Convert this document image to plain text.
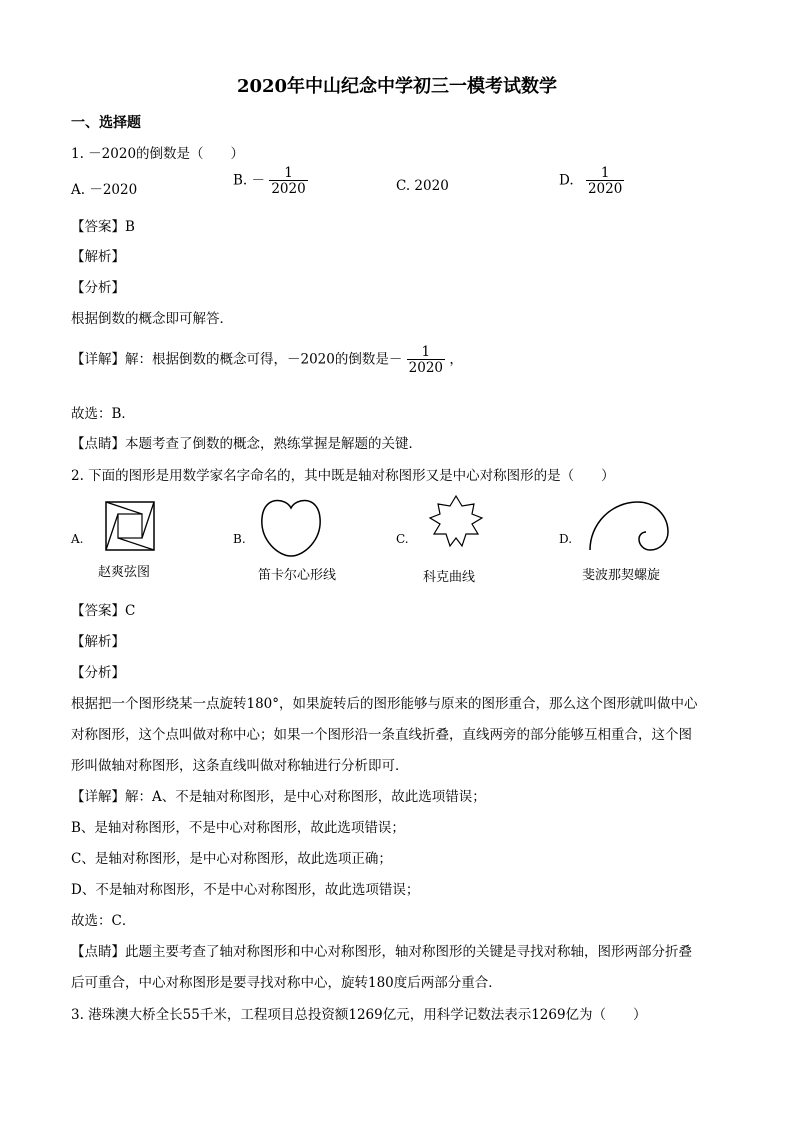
2020年中山纪念中学初三一模考试数学
一、选择题
1. －2020的倒数是（　　）
A. －2020
B. － $\frac{1}{2020}$	C. 2020	D. $\frac{1}{2020}$
【答案】B
【解析】
【分析】
根据倒数的概念即可解答．
【详解】解：根据倒数的概念可得，－2020的倒数是－ $\frac{1}{2020}$ ，
故选：B．
【点睛】本题考查了倒数的概念，熟练掌握是解题的关键．
2. 下面的图形是用数学家名字命名的，其中既是轴对称图形又是中心对称图形的是（　　）
A.
赵爽弦图
B.
笛卡尔心形线
C.
科克曲线
D.
斐波那契螺旋
【答案】C
【解析】
【分析】
根据把一个图形绕某一点旋转180°，如果旋转后的图形能够与原来的图形重合，那么这个图形就叫做中心
对称图形，这个点叫做对称中心；如果一个图形沿一条直线折叠，直线两旁的部分能够互相重合，这个图
形叫做轴对称图形，这条直线叫做对称轴进行分析即可．
【详解】解：A、不是轴对称图形，是中心对称图形，故此选项错误；
B、是轴对称图形，不是中心对称图形，故此选项错误；
C、是轴对称图形，是中心对称图形，故此选项正确；
D、不是轴对称图形，不是中心对称图形，故此选项错误；
故选：C．
【点睛】此题主要考查了轴对称图形和中心对称图形，轴对称图形的关键是寻找对称轴，图形两部分折叠
后可重合，中心对称图形是要寻找对称中心，旋转180度后两部分重合．
3. 港珠澳大桥全长55千米，工程项目总投资额1269亿元，用科学记数法表示1269亿为（　　）
